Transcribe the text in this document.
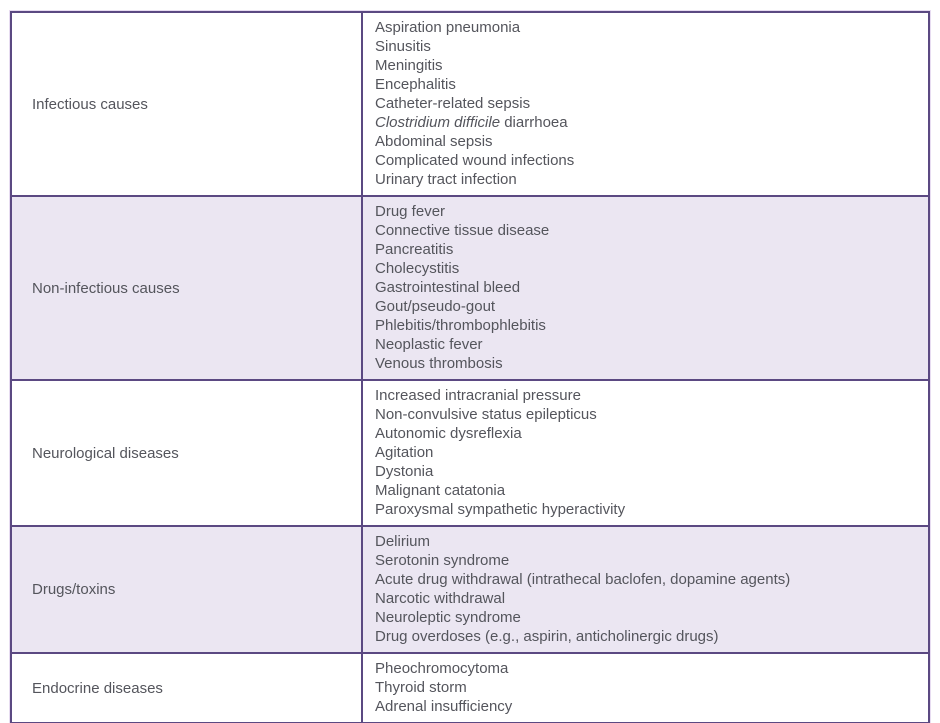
Infectious causes
Aspiration pneumonia
Sinusitis
Meningitis
Encephalitis
Catheter-related sepsis
Clostridium difficile diarrhoea
Abdominal sepsis
Complicated wound infections
Urinary tract infection
Non-infectious causes
Drug fever
Connective tissue disease
Pancreatitis
Cholecystitis
Gastrointestinal bleed
Gout/pseudo-gout
Phlebitis/thrombophlebitis
Neoplastic fever
Venous thrombosis
Neurological diseases
Increased intracranial pressure
Non-convulsive status epilepticus
Autonomic dysreflexia
Agitation
Dystonia
Malignant catatonia
Paroxysmal sympathetic hyperactivity
Drugs/toxins
Delirium
Serotonin syndrome
Acute drug withdrawal (intrathecal baclofen, dopamine agents)
Narcotic withdrawal
Neuroleptic syndrome
Drug overdoses (e.g., aspirin, anticholinergic drugs)
Endocrine diseases
Pheochromocytoma
Thyroid storm
Adrenal insufficiency
